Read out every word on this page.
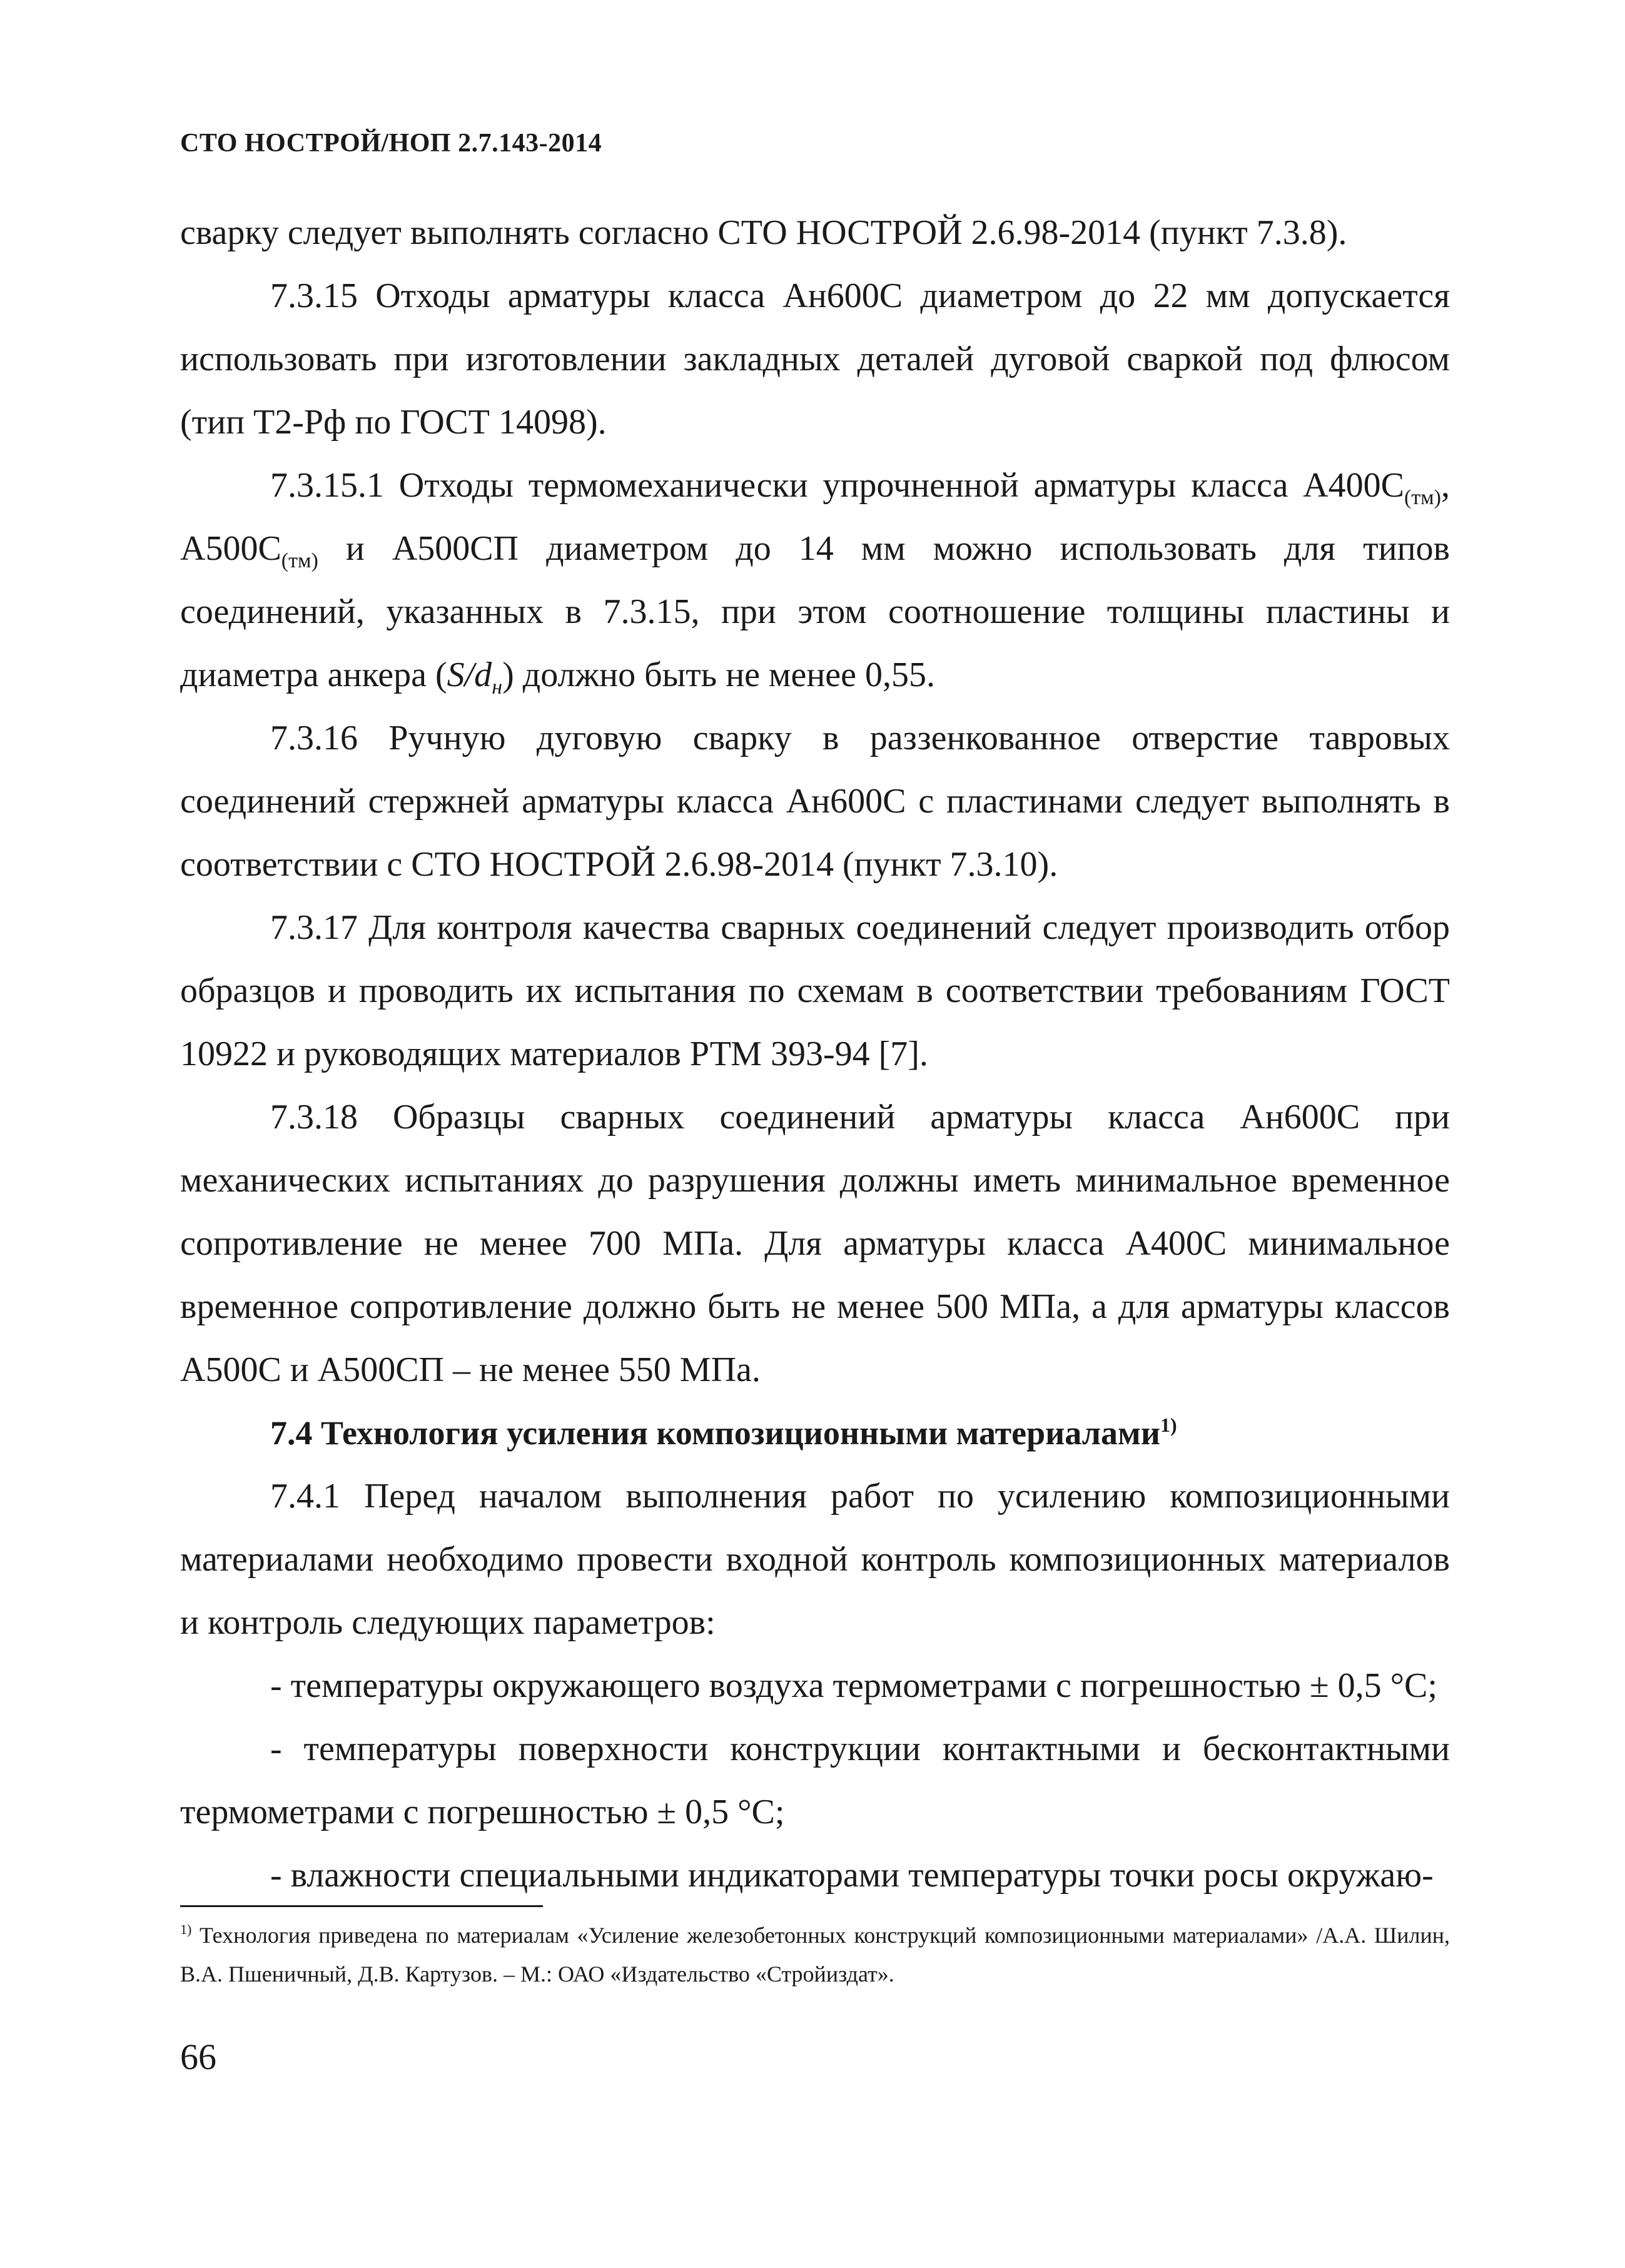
СТО НОСТРОЙ/НОП 2.7.143-2014

сварку следует выполнять согласно СТО НОСТРОЙ 2.6.98-2014 (пункт 7.3.8).

7.3.15 Отходы арматуры класса Ан600С диаметром до 22 мм допускается использовать при изготовлении закладных деталей дуговой сваркой под флюсом (тип Т2-Рф по ГОСТ 14098).

7.3.15.1 Отходы термомеханически упрочненной арматуры класса $А400С_{(тм)}$, $А500С_{(тм)}$ и А500СП диаметром до 14 мм можно использовать для типов соединений, указанных в 7.3.15, при этом соотношение толщины пластины и диаметра анкера $(S/d_н)$ должно быть не менее 0,55.

7.3.16 Ручную дуговую сварку в раззенкованное отверстие тавровых соединений стержней арматуры класса Ан600С с пластинами следует выполнять в соответствии с СТО НОСТРОЙ 2.6.98-2014 (пункт 7.3.10).

7.3.17 Для контроля качества сварных соединений следует производить отбор образцов и проводить их испытания по схемам в соответствии требованиям ГОСТ 10922 и руководящих материалов РТМ 393-94 [7].

7.3.18 Образцы сварных соединений арматуры класса Ан600С при механических испытаниях до разрушения должны иметь минимальное временное сопротивление не менее 700 МПа. Для арматуры класса А400С минимальное временное сопротивление должно быть не менее 500 МПа, а для арматуры классов А500С и А500СП – не менее 550 МПа.

7.4 Технология усиления композиционными материалами$^{1)}$

7.4.1 Перед началом выполнения работ по усилению композиционными материалами необходимо провести входной контроль композиционных материалов и контроль следующих параметров:

- температуры окружающего воздуха термометрами с погрешностью ± 0,5 °С;

- температуры поверхности конструкции контактными и бесконтактными термометрами с погрешностью ± 0,5 °С;

- влажности специальными индикаторами температуры точки росы окружаю-

$^{1)}$ Технология приведена по материалам «Усиление железобетонных конструкций композиционными материалами» /А.А. Шилин, В.А. Пшеничный, Д.В. Картузов. – М.: ОАО «Издательство «Стройиздат».
66
